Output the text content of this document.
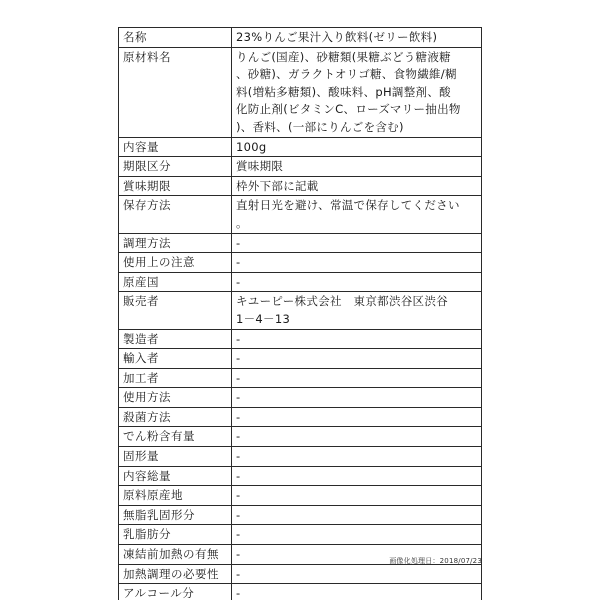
名称	23%りんご果汁入り飲料(ゼリー飲料)

原材料名	りんご(国産)、砂糖類(果糖ぶどう糖液糖
、砂糖)、ガラクトオリゴ糖、食物繊維/糊
料(増粘多糖類)、酸味料、pH調整剤、酸
化防止剤(ビタミンC、ローズマリー抽出物
)、香料、(一部にりんごを含む)

内容量	100g

期限区分	賞味期限

賞味期限	枠外下部に記載

保存方法	直射日光を避け、常温で保存してください
。

調理方法	-

使用上の注意	-

原産国	-

販売者	キユーピー株式会社　東京都渋谷区渋谷
1－4－13

製造者	-

輸入者	-

加工者	-

使用方法	-

殺菌方法	-

でん粉含有量	-

固形量	-

内容総量	-

原料原産地	-

無脂乳固形分	-

乳脂肪分	-

凍結前加熱の有無	-

加熱調理の必要性	-

アルコール分	-
画像化処理日：2018/07/23
